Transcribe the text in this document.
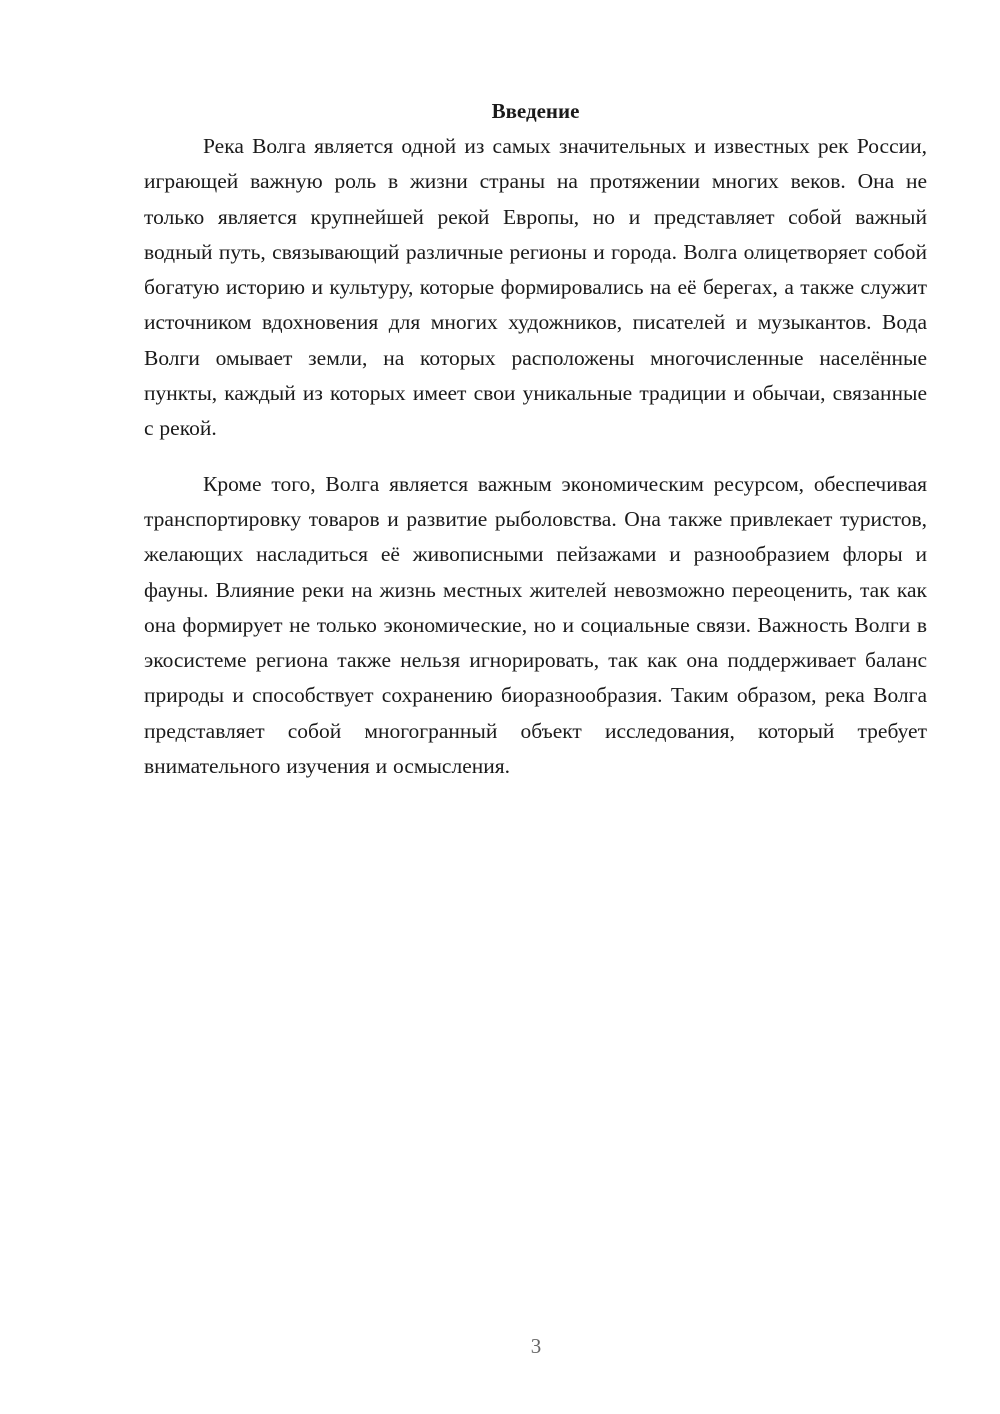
Введение

Река Волга является одной из самых значительных и известных рек России, играющей важную роль в жизни страны на протяжении многих веков. Она не только является крупнейшей рекой Европы, но и представляет собой важный водный путь, связывающий различные регионы и города. Волга олицетворяет собой богатую историю и культуру, которые формировались на её берегах, а также служит источником вдохновения для многих художников, писателей и музыкантов. Вода Волги омывает земли, на которых расположены многочисленные населённые пункты, каждый из которых имеет свои уникальные традиции и обычаи, связанные с рекой.

Кроме того, Волга является важным экономическим ресурсом, обеспечивая транспортировку товаров и развитие рыболовства. Она также привлекает туристов, желающих насладиться её живописными пейзажами и разнообразием флоры и фауны. Влияние реки на жизнь местных жителей невозможно переоценить, так как она формирует не только экономические, но и социальные связи. Важность Волги в экосистеме региона также нельзя игнорировать, так как она поддерживает баланс природы и способствует сохранению биоразнообразия. Таким образом, река Волга представляет собой многогранный объект исследования, который требует внимательного изучения и осмысления.

3
